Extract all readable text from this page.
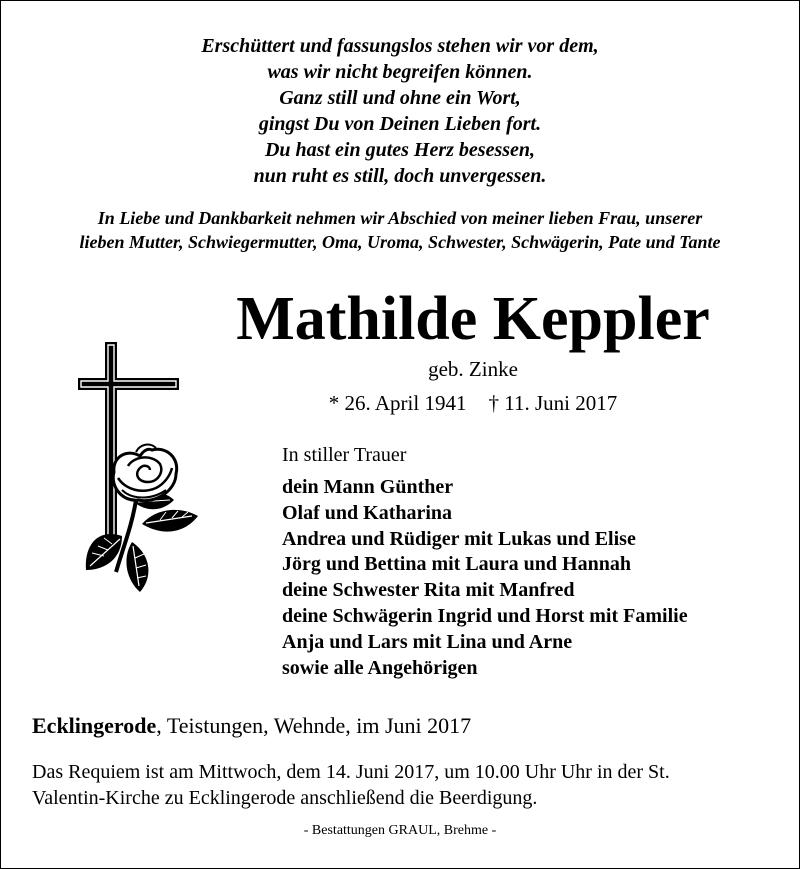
Erschüttert und fassungslos stehen wir vor dem,
was wir nicht begreifen können.
Ganz still und ohne ein Wort,
gingst Du von Deinen Lieben fort.
Du hast ein gutes Herz besessen,
nun ruht es still, doch unvergessen.
In Liebe und Dankbarkeit nehmen wir Abschied von meiner lieben Frau, unserer
lieben Mutter, Schwiegermutter, Oma, Uroma, Schwester, Schwägerin, Pate und Tante
Mathilde Keppler
geb. Zinke
* 26. April 1941 † 11. Juni 2017
In stiller Trauer
dein Mann Günther
Olaf und Katharina
Andrea und Rüdiger mit Lukas und Elise
Jörg und Bettina mit Laura und Hannah
deine Schwester Rita mit Manfred
deine Schwägerin Ingrid und Horst mit Familie
Anja und Lars mit Lina und Arne
sowie alle Angehörigen
Ecklingerode, Teistungen, Wehnde, im Juni 2017
Das Requiem ist am Mittwoch, dem 14. Juni 2017, um 10.00 Uhr Uhr in der St.
Valentin-Kirche zu Ecklingerode anschließend die Beerdigung.
- Bestattungen GRAUL, Brehme -
